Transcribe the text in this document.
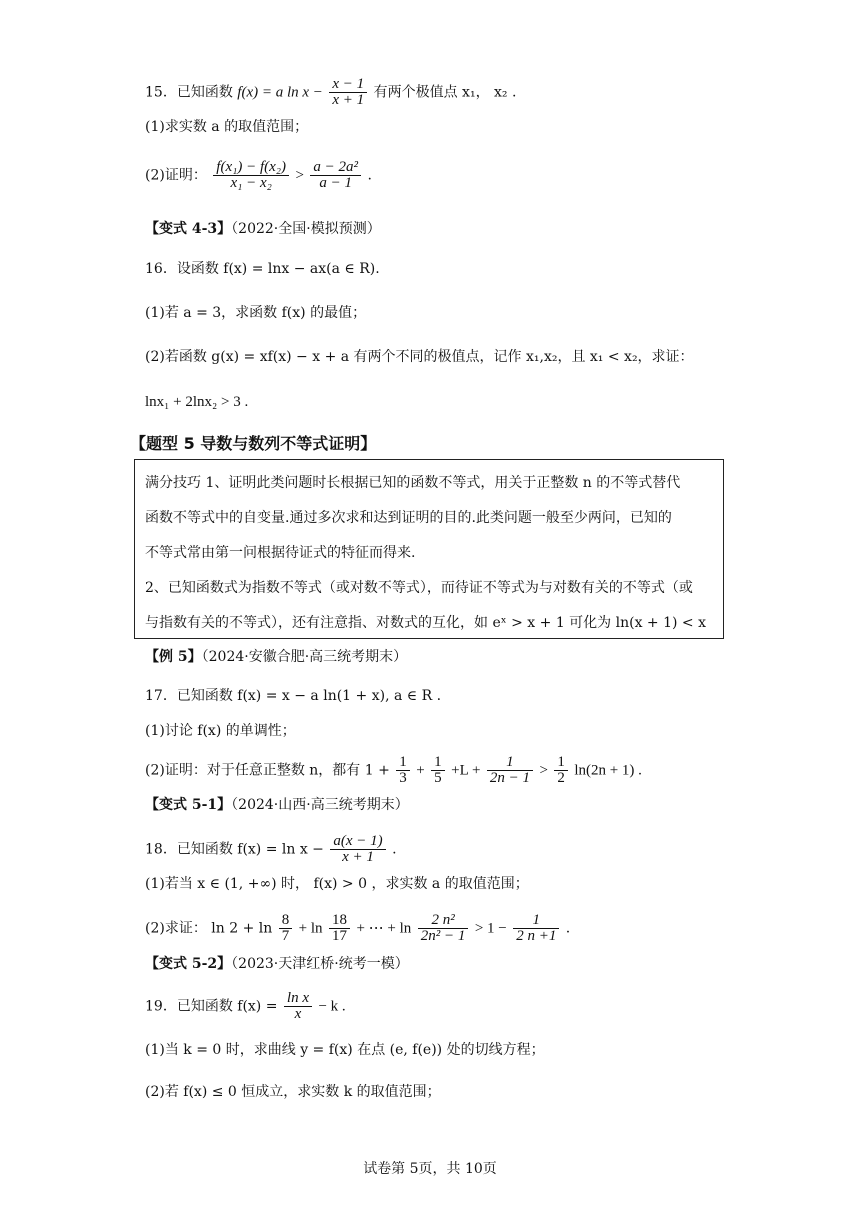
15．已知函数 f(x) = a $\ln x - \frac{x - 1}{x + 1}$ 有两个极值点 x₁， x₂ .
(1)求实数 a 的取值范围；
(2)证明： $\frac{\text{f(x₁) − f(x₂)}}{\text{x₁ − x₂}} > \frac{\text{a − 2a²}}{a - 1}$ .
【变式 4-3】（2022·全国·模拟预测）
16．设函数 f(x) = lnx − ax(a ∈ R).
(1)若 a = 3，求函数 f(x) 的最值；
(2)若函数 g(x) = xf(x) − x + a 有两个不同的极值点，记作 x₁,x₂，且 x₁ < x₂，求证：
lnx₁ + 2lnx₂ > 3 .
【题型 5 导数与数列不等式证明】

满分技巧 1、证明此类问题时长根据已知的函数不等式，用关于正整数 n 的不等式替代

函数不等式中的自变量.通过多次求和达到证明的目的.此类问题一般至少两问，已知的

不等式常由第一问根据待证式的特征而得来.

2、已知函数式为指数不等式（或对数不等式），而待证不等式为与对数有关的不等式（或

与指数有关的不等式），还有注意指、对数式的互化，如 eˣ > x + 1 可化为 ln(x + 1) < x

【例 5】（2024·安徽合肥·高三统考期末）
17．已知函数 f(x) = x − a ln(1 + x), a ∈ R .
(1)讨论 f(x) 的单调性；
(2)证明：对于任意正整数 n，都有 $1 + \frac{1}{3} + \frac{1}{5} +L + \frac{1}{2n - 1} > \frac{1}{2} \ln(2n + 1)$ .
【变式 5-1】（2024·山西·高三统考期末）
18．已知函数 $f(x) = \ln x - \frac{a(x - 1)}{x + 1}$ .
(1)若当 x ∈ (1, +∞) 时， f(x) > 0 ，求实数 a 的取值范围；
(2)求证： $\ln 2 + \ln \frac{8}{7} + \ln \frac{18}{17}$ + ⋯ + $\ln \frac{\text{2 n²}}{\text{2n² − 1}} > 1 - \frac{1}{2 n +1}$ .
【变式 5-2】（2023·天津红桥·统考一模）
19．已知函数 $f(x) = \frac{\text{ln x}}{x} - k$ .
(1)当 k = 0 时，求曲线 y = f(x) 在点 (e, f(e)) 处的切线方程；
(2)若 f(x) ≤ 0 恒成立，求实数 k 的取值范围；
试卷第 5页，共 10页
